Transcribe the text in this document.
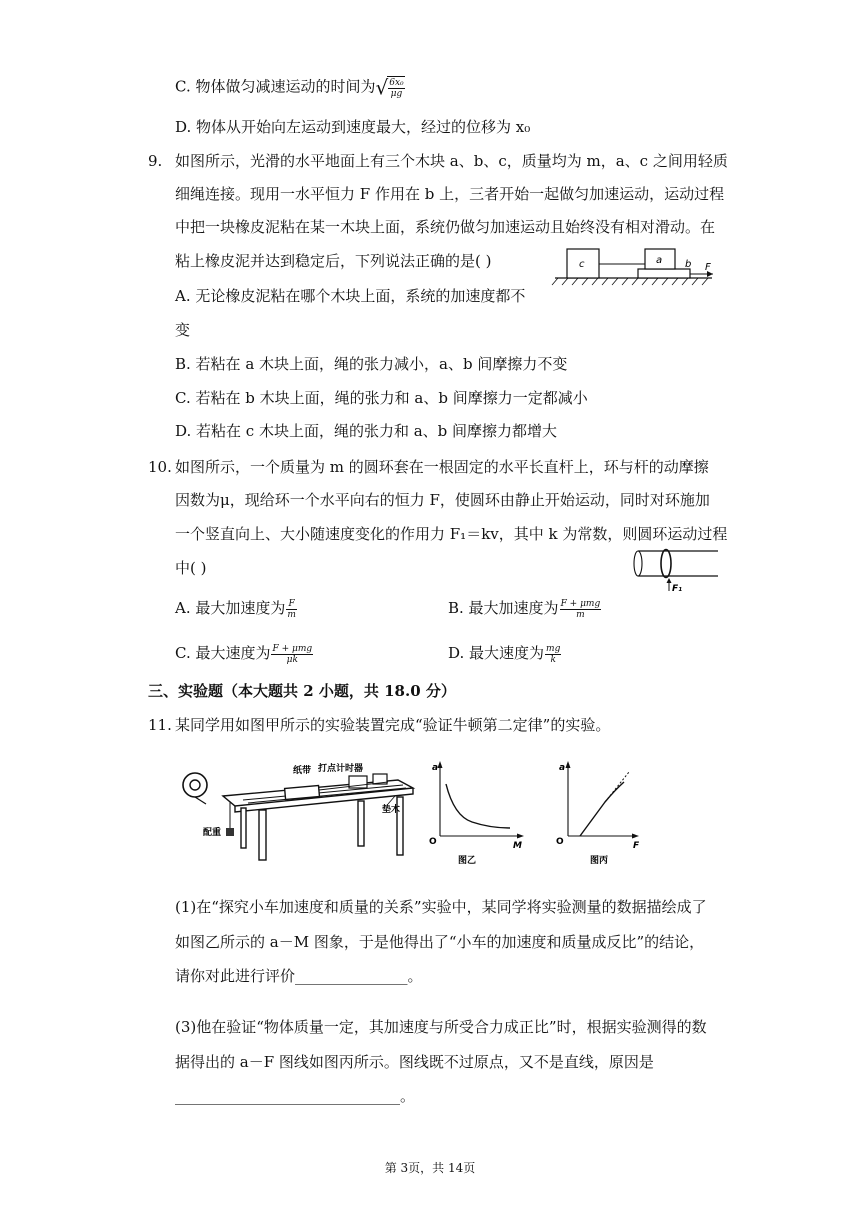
C. 物体做匀减速运动的时间为√ $\frac{\text{6x₀}}{\mu g}$
D. 物体从开始向左运动到速度最大，经过的位移为 x₀
9. 如图所示，光滑的水平地面上有三个木块 a、b、c，质量均为 m，a、c 之间用轻质
细绳连接。现用一水平恒力 F 作用在 b 上，三者开始一起做匀加速运动，运动过程
中把一块橡皮泥粘在某一木块上面，系统仍做匀加速运动且始终没有相对滑动。在
粘上橡皮泥并达到稳定后，下列说法正确的是( )	c	a b F
A. 无论橡皮泥粘在哪个木块上面，系统的加速度都不
变
B. 若粘在 a 木块上面，绳的张力减小，a、b 间摩擦力不变
C. 若粘在 b 木块上面，绳的张力和 a、b 间摩擦力一定都减小
D. 若粘在 c 木块上面，绳的张力和 a、b 间摩擦力都增大
10. 如图所示，一个质量为 m 的圆环套在一根固定的水平长直杆上，环与杆的动摩擦
因数为μ，现给环一个水平向右的恒力 F，使圆环由静止开始运动，同时对环施加
一个竖直向上、大小随速度变化的作用力 F₁＝kv，其中 k 为常数，则圆环运动过程
中( )
F₁
A. 最大加速度为 $\frac{F}{m}$	B. 最大加速度为 $\frac{\text{F + μmg}}{m}$
C. 最大速度为 $\frac{\text{F + μmg}}{\mu k}$	D. 最大速度为 $\frac{mg}{k}$
三、实验题（本大题共 2 小题，共 18.0 分）
11. 某同学用如图甲所示的实验装置完成“验证牛顿第二定律”的实验。
配重
纸带 打点计时器
垫木
a
M
O
图乙
a
F
O
图丙
(1)在“探究小车加速度和质量的关系”实验中，某同学将实验测量的数据描绘成了
如图乙所示的 a－M 图象，于是他得出了“小车的加速度和质量成反比”的结论，
请你对此进行评价_______________。
(3)他在验证“物体质量一定，其加速度与所受合力成正比”时，根据实验测得的数
据得出的 a－F 图线如图丙所示。图线既不过原点，又不是直线，原因是
______________________________。
第 3页，共 14页
